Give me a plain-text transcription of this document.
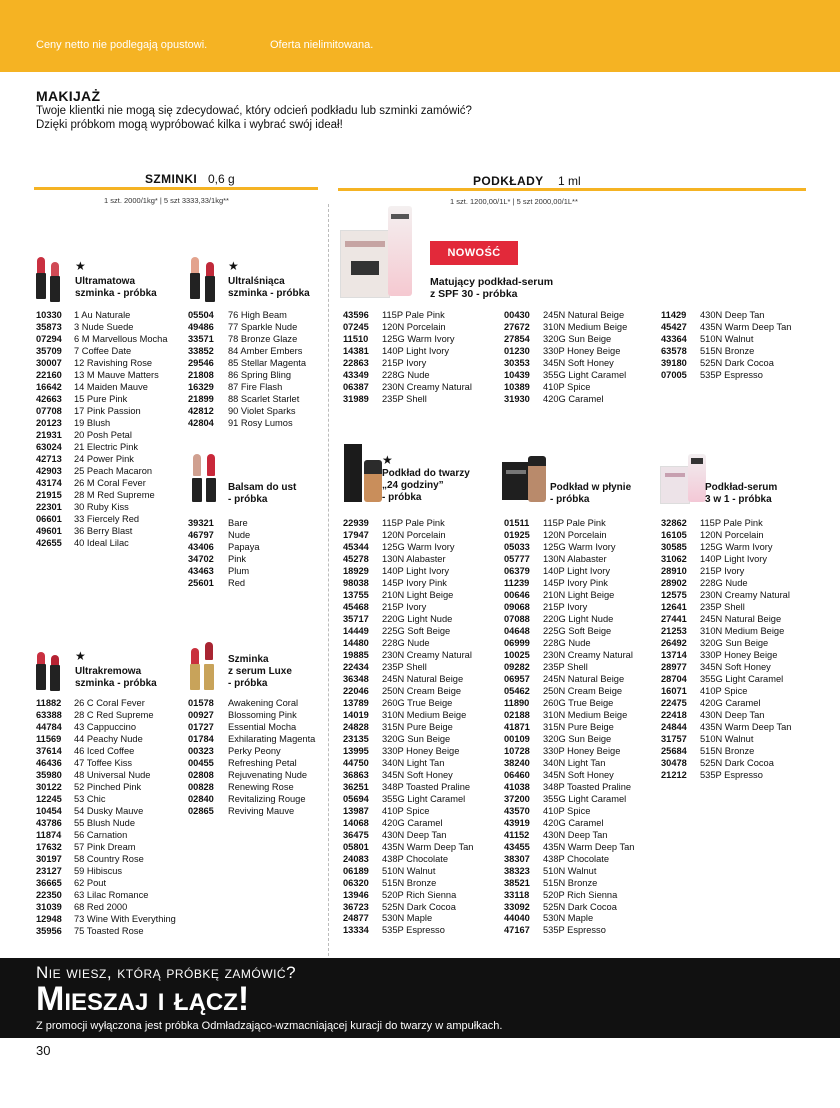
Ceny netto nie podlegają opustowi.	Oferta nielimitowana.
MAKIJAŻ
Twoje klientki nie mogą się zdecydować, który odcień podkładu lub szminki zamówić?
Dzięki próbkom mogą wypróbować kilka i wybrać swój ideał!
SZMINKI 0,6 g
1 szt. 2000/1kg* | 5 szt 3333,33/1kg**
PODKŁADY 1 ml
1 szt. 1200,00/1L* | 5 szt 2000,00/1L**
★
Ultramatowa
szminka - próbka
10330	1 Au Naturale
35873	3 Nude Suede
07294	6 M Marvellous Mocha
35709	7 Coffee Date
30007	12 Ravishing Rose
22160	13 M Mauve Matters
16642	14 Maiden Mauve
42663	15 Pure Pink
07708	17 Pink Passion
20123	19 Blush
21931	20 Posh Petal
63024	21 Electric Pink
42713	24 Power Pink
42903	25 Peach Macaron
43174	26 M Coral Fever
21915	28 M Red Supreme
22301	30 Ruby Kiss
06601	33 Fiercely Red
49601	36 Berry Blast
42655	40 Ideal Lilac
★
Ultralśniąca
szminka - próbka
05504	76 High Beam
49486	77 Sparkle Nude
33571	78 Bronze Glaze
33852	84 Amber Embers
29546	85 Stellar Magenta
21808	86 Spring Bling
16329	87 Fire Flash
21899	88 Scarlet Starlet
42812	90 Violet Sparks
42804	91 Rosy Lumos
Balsam do ust
- próbka
39321	Bare
46797	Nude
43406	Papaya
34702	Pink
43463	Plum
25601	Red
★
Ultrakremowa
szminka - próbka
11882	26 C Coral Fever
63388	28 C Red Supreme
44784	43 Cappuccino
11569	44 Peachy Nude
37614	46 Iced Coffee
46436	47 Toffee Kiss
35980	48 Universal Nude
30122	52 Pinched Pink
12245	53 Chic
10454	54 Dusky Mauve
43786	55 Blush Nude
11874	56 Carnation
17632	57 Pink Dream
30197	58 Country Rose
23127	59 Hibiscus
36665	62 Pout
22350	63 Lilac Romance
31039	68 Red 2000
12948	73 Wine With Everything
35956	75 Toasted Rose
Szminka
z serum Luxe
- próbka
01578	Awakening Coral
00927	Blossoming Pink
01727	Essential Mocha
01784	Exhilarating Magenta
00323	Perky Peony
00455	Refreshing Petal
02808	Rejuvenating Nude
00828	Renewing Rose
02840	Revitalizing Rouge
02865	Reviving Mauve
NOWOŚĆ
Matujący podkład-serum
z SPF 30 - próbka
43596	115P Pale Pink
07245	120N Porcelain
11510	125G Warm Ivory
14381	140P Light Ivory
22863	215P Ivory
43349	228G Nude
06387	230N Creamy Natural
31989	235P Shell
00430	245N Natural Beige
27672	310N Medium Beige
27854	320G Sun Beige
01230	330P Honey Beige
30353	345N Soft Honey
10439	355G Light Caramel
10389	410P Spice
31930	420G Caramel
11429	430N Deep Tan
45427	435N Warm Deep Tan
43364	510N Walnut
63578	515N Bronze
39180	525N Dark Cocoa
07005	535P Espresso
★
Podkład do twarzy
„24 godziny”
- próbka
22939	115P Pale Pink
17947	120N Porcelain
45344	125G Warm Ivory
45278	130N Alabaster
18929	140P Light Ivory
98038	145P Ivory Pink
13755	210N Light Beige
45468	215P Ivory
35717	220G Light Nude
14449	225G Soft Beige
14480	228G Nude
19885	230N Creamy Natural
22434	235P Shell
36348	245N Natural Beige
22046	250N Cream Beige
13789	260G True Beige
14019	310N Medium Beige
24828	315N Pure Beige
23135	320G Sun Beige
13995	330P Honey Beige
44750	340N Light Tan
36863	345N Soft Honey
36251	348P Toasted Praline
05694	355G Light Caramel
13987	410P Spice
14068	420G Caramel
36475	430N Deep Tan
05801	435N Warm Deep Tan
24083	438P Chocolate
06189	510N Walnut
06320	515N Bronze
13946	520P Rich Sienna
36723	525N Dark Cocoa
24877	530N Maple
13334	535P Espresso
Podkład w płynie
- próbka
01511	115P Pale Pink
01925	120N Porcelain
05033	125G Warm Ivory
05777	130N Alabaster
06379	140P Light Ivory
11239	145P Ivory Pink
00646	210N Light Beige
09068	215P Ivory
07088	220G Light Nude
04648	225G Soft Beige
06999	228G Nude
10025	230N Creamy Natural
09282	235P Shell
06957	245N Natural Beige
05462	250N Cream Beige
11890	260G True Beige
02188	310N Medium Beige
41871	315N Pure Beige
00109	320G Sun Beige
10728	330P Honey Beige
38240	340N Light Tan
06460	345N Soft Honey
41038	348P Toasted Praline
37200	355G Light Caramel
43570	410P Spice
43919	420G Caramel
41152	430N Deep Tan
43455	435N Warm Deep Tan
38307	438P Chocolate
38323	510N Walnut
38521	515N Bronze
33118	520P Rich Sienna
33092	525N Dark Cocoa
44040	530N Maple
47167	535P Espresso
Podkład-serum
3 w 1 - próbka
32862	115P Pale Pink
16105	120N Porcelain
30585	125G Warm Ivory
31062	140P Light Ivory
28910	215P Ivory
28902	228G Nude
12575	230N Creamy Natural
12641	235P Shell
27441	245N Natural Beige
21253	310N Medium Beige
26492	320G Sun Beige
13714	330P Honey Beige
28977	345N Soft Honey
28704	355G Light Caramel
16071	410P Spice
22475	420G Caramel
22418	430N Deep Tan
24844	435N Warm Deep Tan
31757	510N Walnut
25684	515N Bronze
30478	525N Dark Cocoa
21212	535P Espresso
Nie wiesz, którą próbkę zamówić?
Mieszaj i łącz!
Z promocji wyłączona jest próbka Odmładzająco-wzmacniającej kuracji do twarzy w ampułkach.
30
